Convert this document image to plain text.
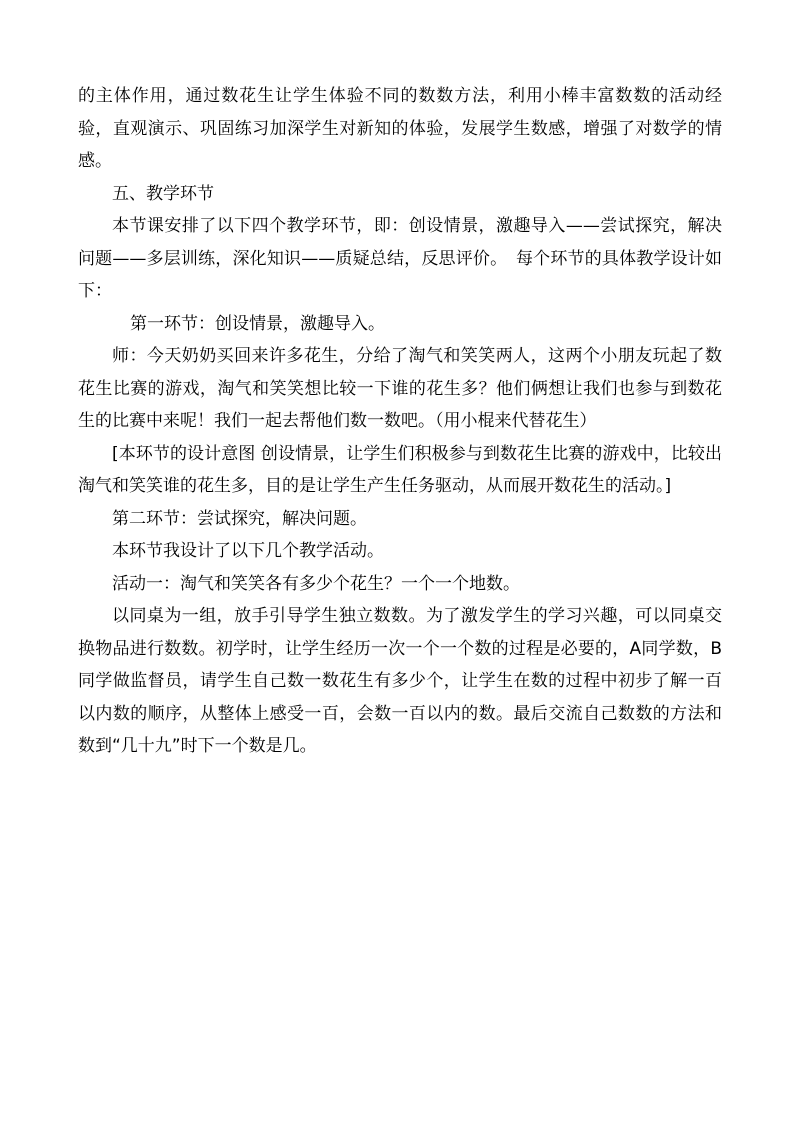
的主体作用，通过数花生让学生体验不同的数数方法，利用小棒丰富数数的活动经验，直观演示、巩固练习加深学生对新知的体验，发展学生数感，增强了对数学的情感。

五、教学环节

本节课安排了以下四个教学环节，即：创设情景，激趣导入——尝试探究，解决问题——多层训练，深化知识——质疑总结，反思评价。　每个环节的具体教学设计如下：

第一环节：创设情景，激趣导入。

师：今天奶奶买回来许多花生，分给了淘气和笑笑两人，这两个小朋友玩起了数花生比赛的游戏，淘气和笑笑想比较一下谁的花生多？他们俩想让我们也参与到数花生的比赛中来呢！我们一起去帮他们数一数吧。（用小棍来代替花生）

[本环节的设计意图 创设情景，让学生们积极参与到数花生比赛的游戏中，比较出淘气和笑笑谁的花生多，目的是让学生产生任务驱动，从而展开数花生的活动。]

第二环节：尝试探究，解决问题。

本环节我设计了以下几个教学活动。

活动一：淘气和笑笑各有多少个花生？一个一个地数。

以同桌为一组，放手引导学生独立数数。为了激发学生的学习兴趣，可以同桌交换物品进行数数。初学时，让学生经历一次一个一个数的过程是必要的，A同学数，B同学做监督员，请学生自己数一数花生有多少个，让学生在数的过程中初步了解一百以内数的顺序，从整体上感受一百，会数一百以内的数。最后交流自己数数的方法和数到“几十九”时下一个数是几。
